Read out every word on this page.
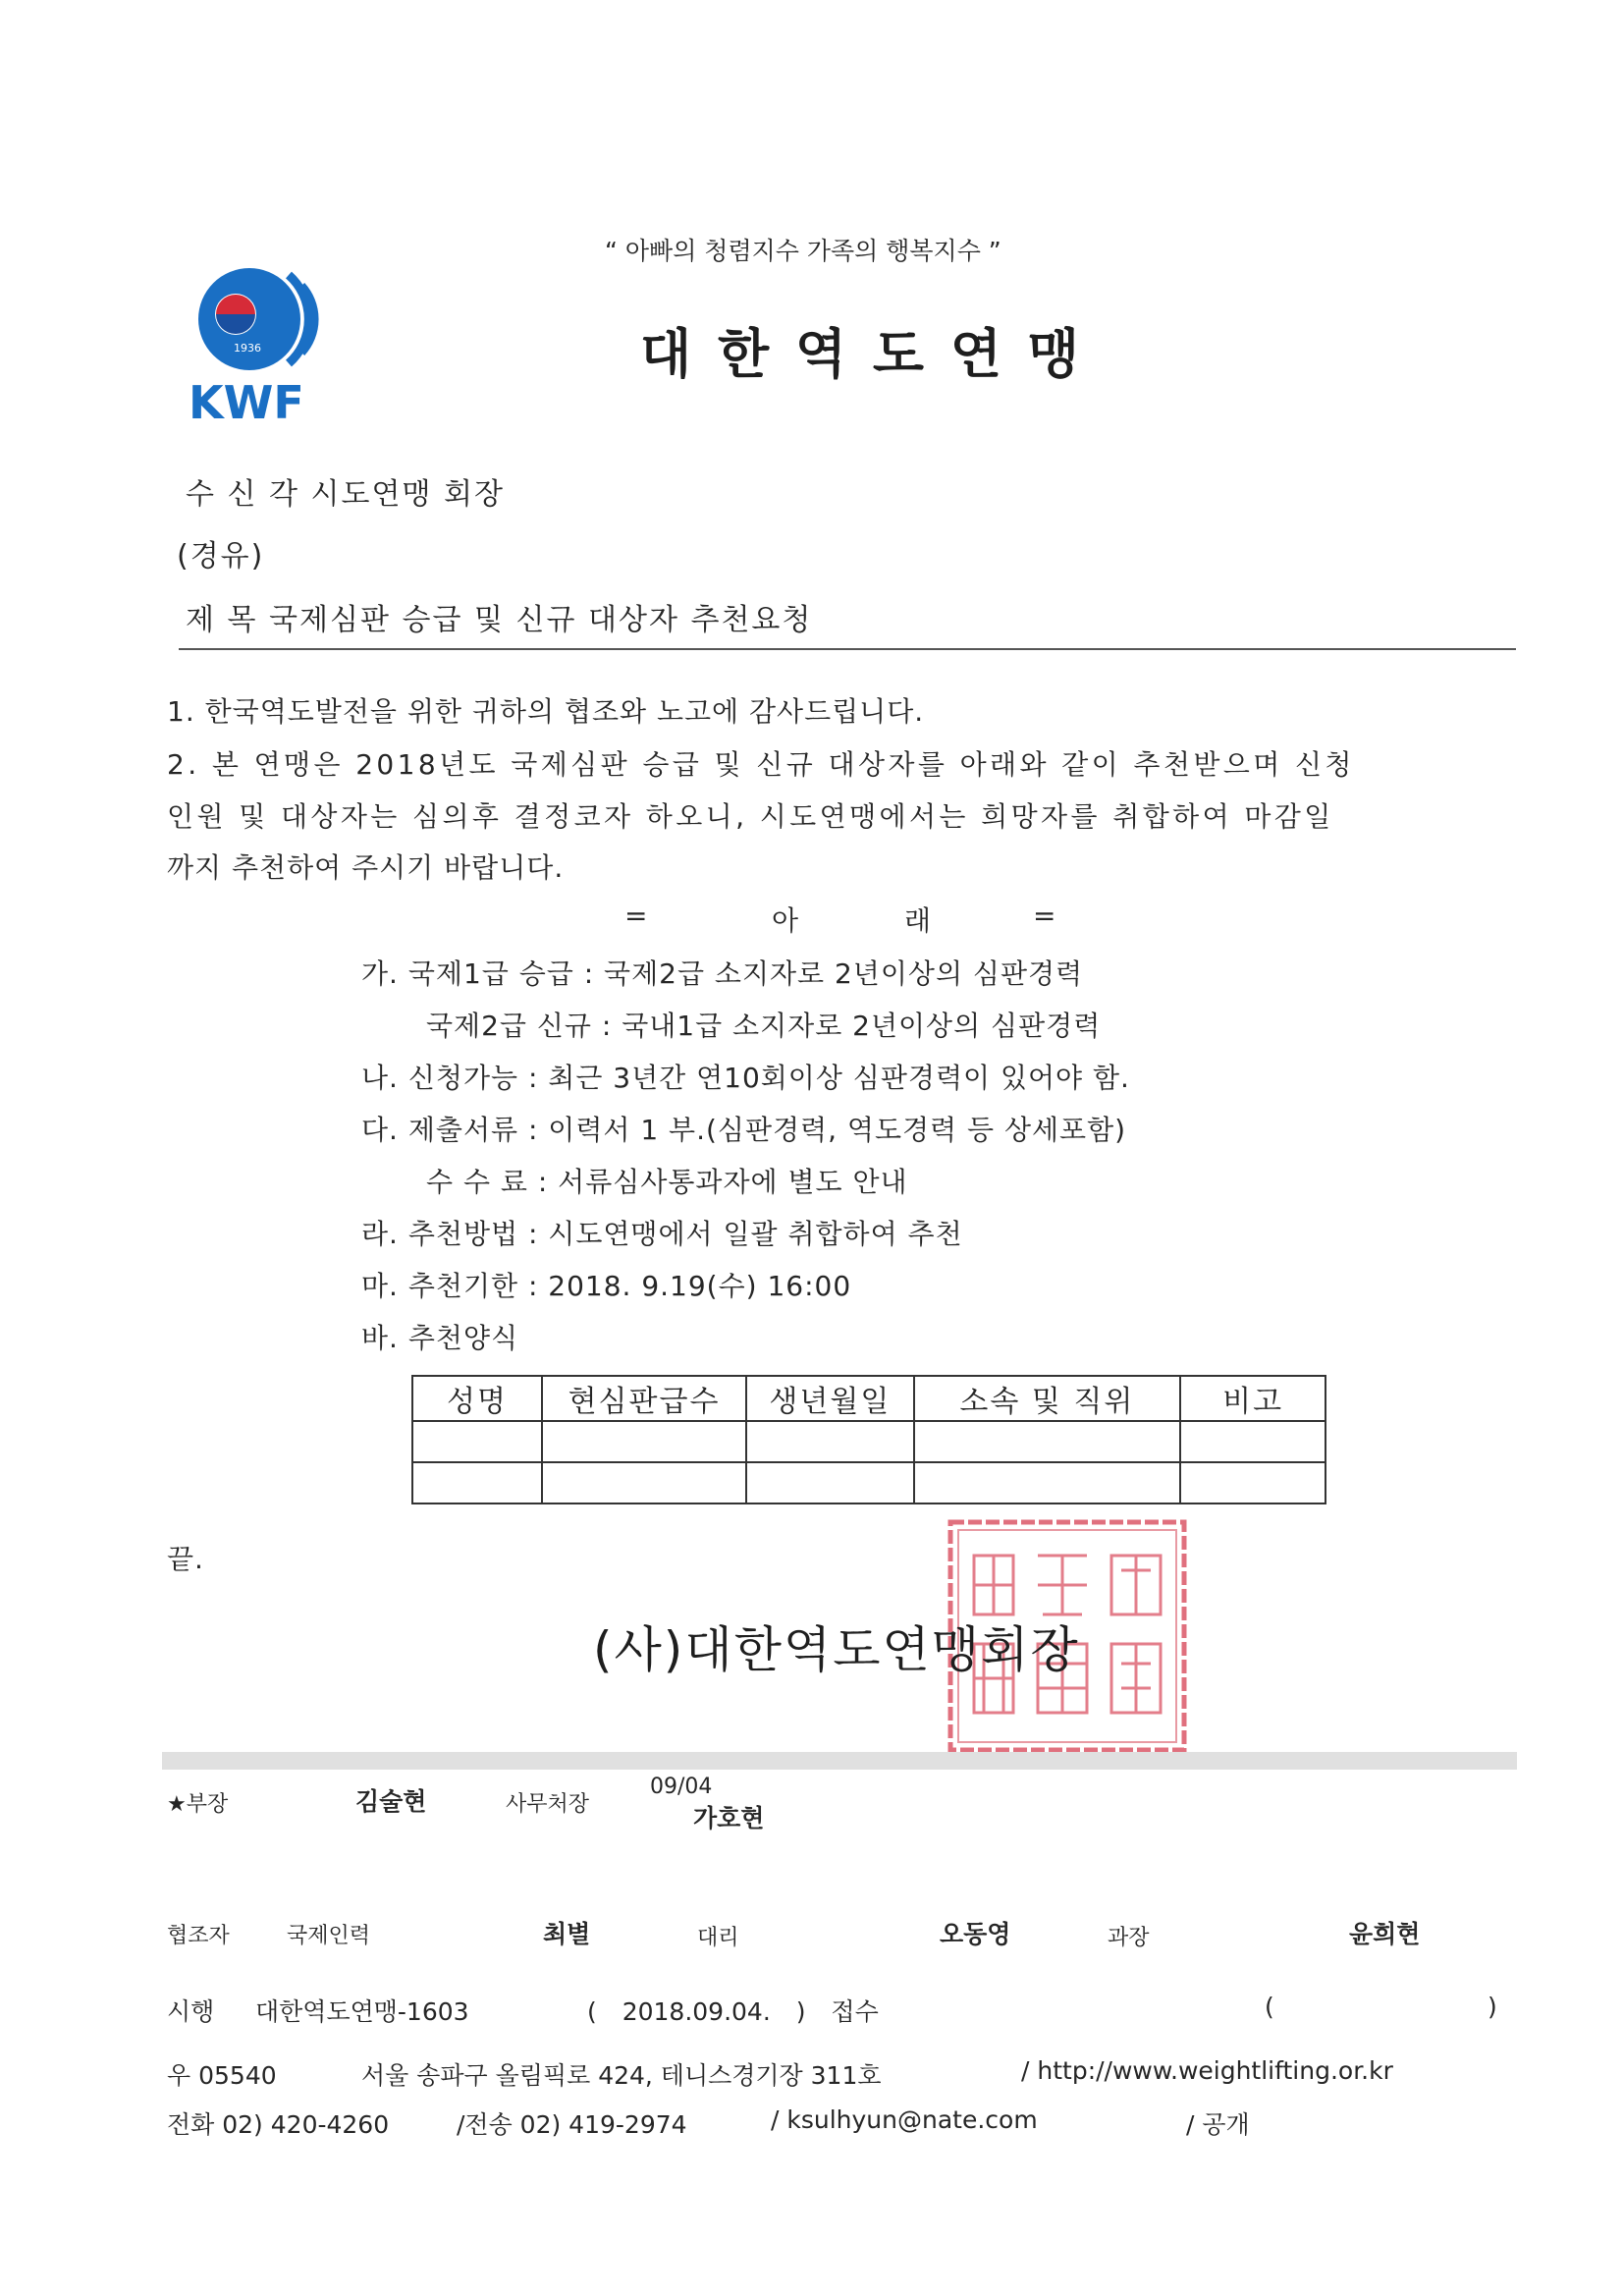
“ 아빠의 청렴지수 가족의 행복지수 ”
1936
KWF
대 한 역 도 연 맹
수 신 각 시도연맹 회장
(경유)
제 목 국제심판 승급 및 신규 대상자 추천요청
1. 한국역도발전을 위한 귀하의 협조와 노고에 감사드립니다.
2. 본 연맹은 2018년도 국제심판 승급 및 신규 대상자를 아래와 같이 추천받으며 신청
인원 및 대상자는 심의후 결정코자 하오니, 시도연맹에서는 희망자를 취합하여 마감일
까지 추천하여 주시기 바랍니다.
=	아	래	=
가. 국제1급 승급 : 국제2급 소지자로 2년이상의 심판경력
국제2급 신규 : 국내1급 소지자로 2년이상의 심판경력
나. 신청가능 : 최근 3년간 연10회이상 심판경력이 있어야 함.
다. 제출서류 : 이력서 1 부.(심판경력, 역도경력 등 상세포함)
수 수 료 : 서류심사통과자에 별도 안내
라. 추천방법 : 시도연맹에서 일괄 취합하여 추천
마. 추천기한 : 2018. 9.19(수) 16:00
바. 추천양식
성명	현심판급수	생년월일	소속 및 직위	비고

끝.
(사)대한역도연맹회장
★부장	김술현	사무처장
09/04
가호현
협조자	국제인력	최별	대리	오동영	과장	윤희현
시행 대한역도연맹-1603	( 2018.09.04. ) 접수	(	)
우 05540	서울 송파구 올림픽로 424, 테니스경기장 311호	/ http://www.weightlifting.or.kr
전화 02) 420-4260	/전송 02) 419-2974	/ ksulhyun@nate.com	/ 공개
